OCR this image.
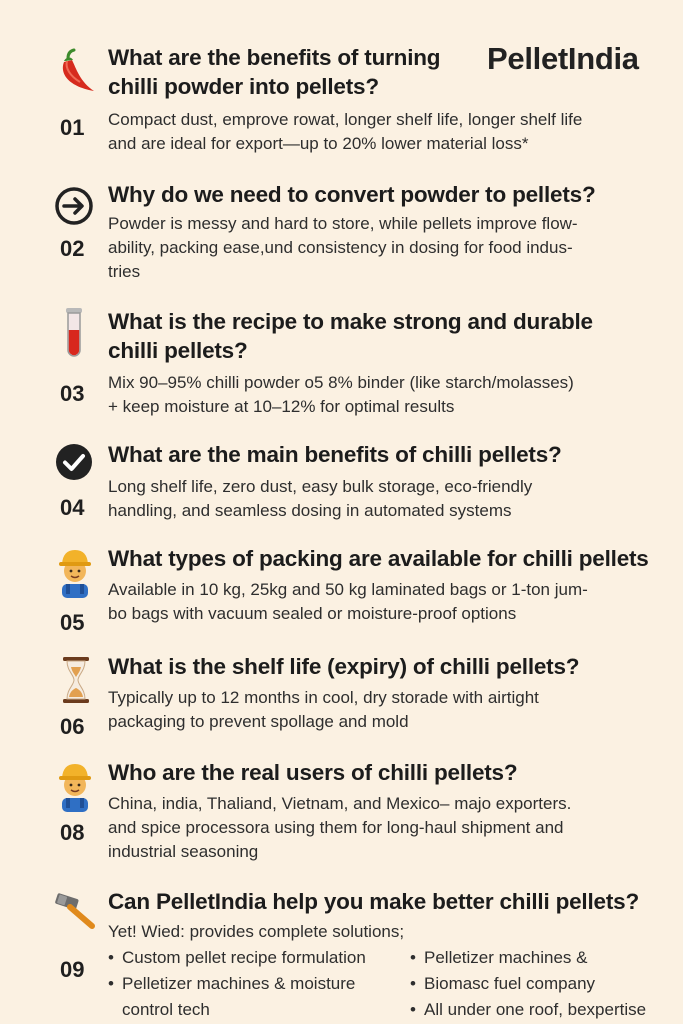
PelletIndia
01
What are the benefits of turning
chilli powder into pellets?
Compact dust, emprove rowat, longer shelf life, longer shelf life
and are ideal for export—up to 20% lower material loss*
02
Why do we need to convert powder to pellets?
Powder is messy and hard to store, while pellets improve flow-
ability, packing ease,und consistency in dosing for food indus-
tries
03
What is the recipe to make strong and durable
chilli pellets?
Mix 90–95% chilli powder o5 8% binder (like starch/molasses)
+ keep moisture at 10–12% for optimal results
04
What are the main benefits of chilli pellets?
Long shelf life, zero dust, easy bulk storage, eco-friendly
handling, and seamless dosing in automated systems
05
What types of packing are available for chilli pellets
Available in 10 kg, 25kg and 50 kg laminated bags or 1-ton jum-
bo bags with vacuum sealed or moisture-proof options
06
What is the shelf life (expiry) of chilli pellets?
Typically up to 12 months in cool, dry storade with airtight
packaging to prevent spollage and mold
08
Who are the real users of chilli pellets?
China, india, Thaliand, Vietnam, and Mexico– majo exporters.
and spice processora using them for long-haul shipment and
industrial seasoning
09
Can PelletIndia help you make better chilli pellets?
Yet! Wied: provides complete solutions;
• Custom pellet recipe formulation
• Pelletizer machines & moisture
control tech
• Pelletizer machines &
• Biomasc fuel company
• All under one roof, bexpertise
